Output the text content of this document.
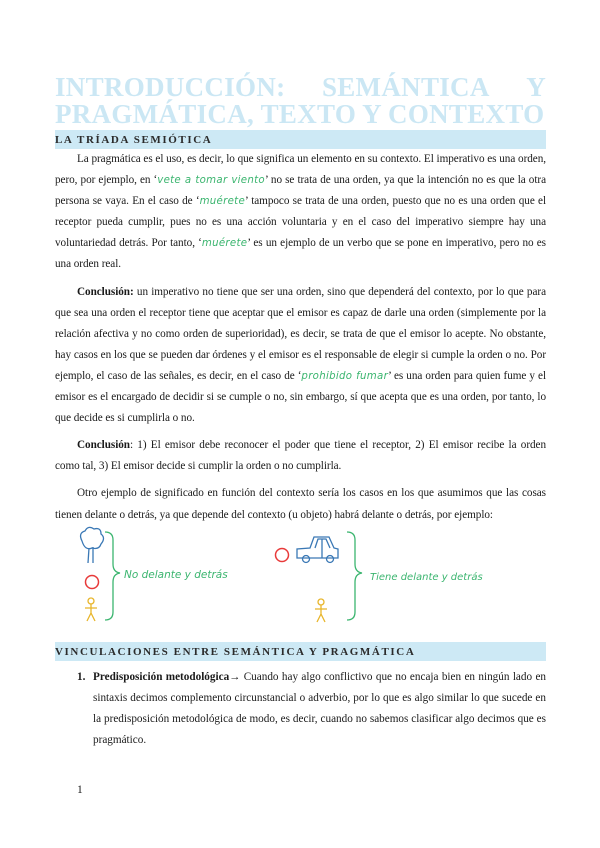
INTRODUCCIÓN: SEMÁNTICA Y
PRAGMÁTICA, TEXTO Y CONTEXTO
LA TRÍADA SEMIÓTICA

La pragmática es el uso, es decir, lo que significa un elemento en su contexto. El imperativo es una orden, pero, por ejemplo, en ‘vete a tomar viento’ no se trata de una orden, ya que la intención no es que la otra persona se vaya. En el caso de ‘muérete’ tampoco se trata de una orden, puesto que no es una orden que el receptor pueda cumplir, pues no es una acción voluntaria y en el caso del imperativo siempre hay una voluntariedad detrás. Por tanto, ‘muérete’ es un ejemplo de un verbo que se pone en imperativo, pero no es una orden real.

Conclusión: un imperativo no tiene que ser una orden, sino que dependerá del contexto, por lo que para que sea una orden el receptor tiene que aceptar que el emisor es capaz de darle una orden (simplemente por la relación afectiva y no como orden de superioridad), es decir, se trata de que el emisor lo acepte. No obstante, hay casos en los que se pueden dar órdenes y el emisor es el responsable de elegir si cumple la orden o no. Por ejemplo, el caso de las señales, es decir, en el caso de ‘prohibido fumar’ es una orden para quien fume y el emisor es el encargado de decidir si se cumple o no, sin embargo, sí que acepta que es una orden, por tanto, lo que decide es si cumplirla o no.

Conclusión: 1) El emisor debe reconocer el poder que tiene el receptor, 2) El emisor recibe la orden como tal, 3) El emisor decide si cumplir la orden o no cumplirla.

Otro ejemplo de significado en función del contexto sería los casos en los que asumimos que las cosas tienen delante o detrás, ya que depende del contexto (u objeto) habrá delante o detrás, por ejemplo:

No delante y detrás	Tiene delante y detrás
VINCULACIONES ENTRE SEMÁNTICA Y PRAGMÁTICA
1. Predisposición metodológica→ Cuando hay algo conflictivo que no encaja bien en ningún lado en sintaxis decimos complemento circunstancial o adverbio, por lo que es algo similar lo que sucede en la predisposición metodológica de modo, es decir, cuando no sabemos clasificar algo decimos que es pragmático.
1
